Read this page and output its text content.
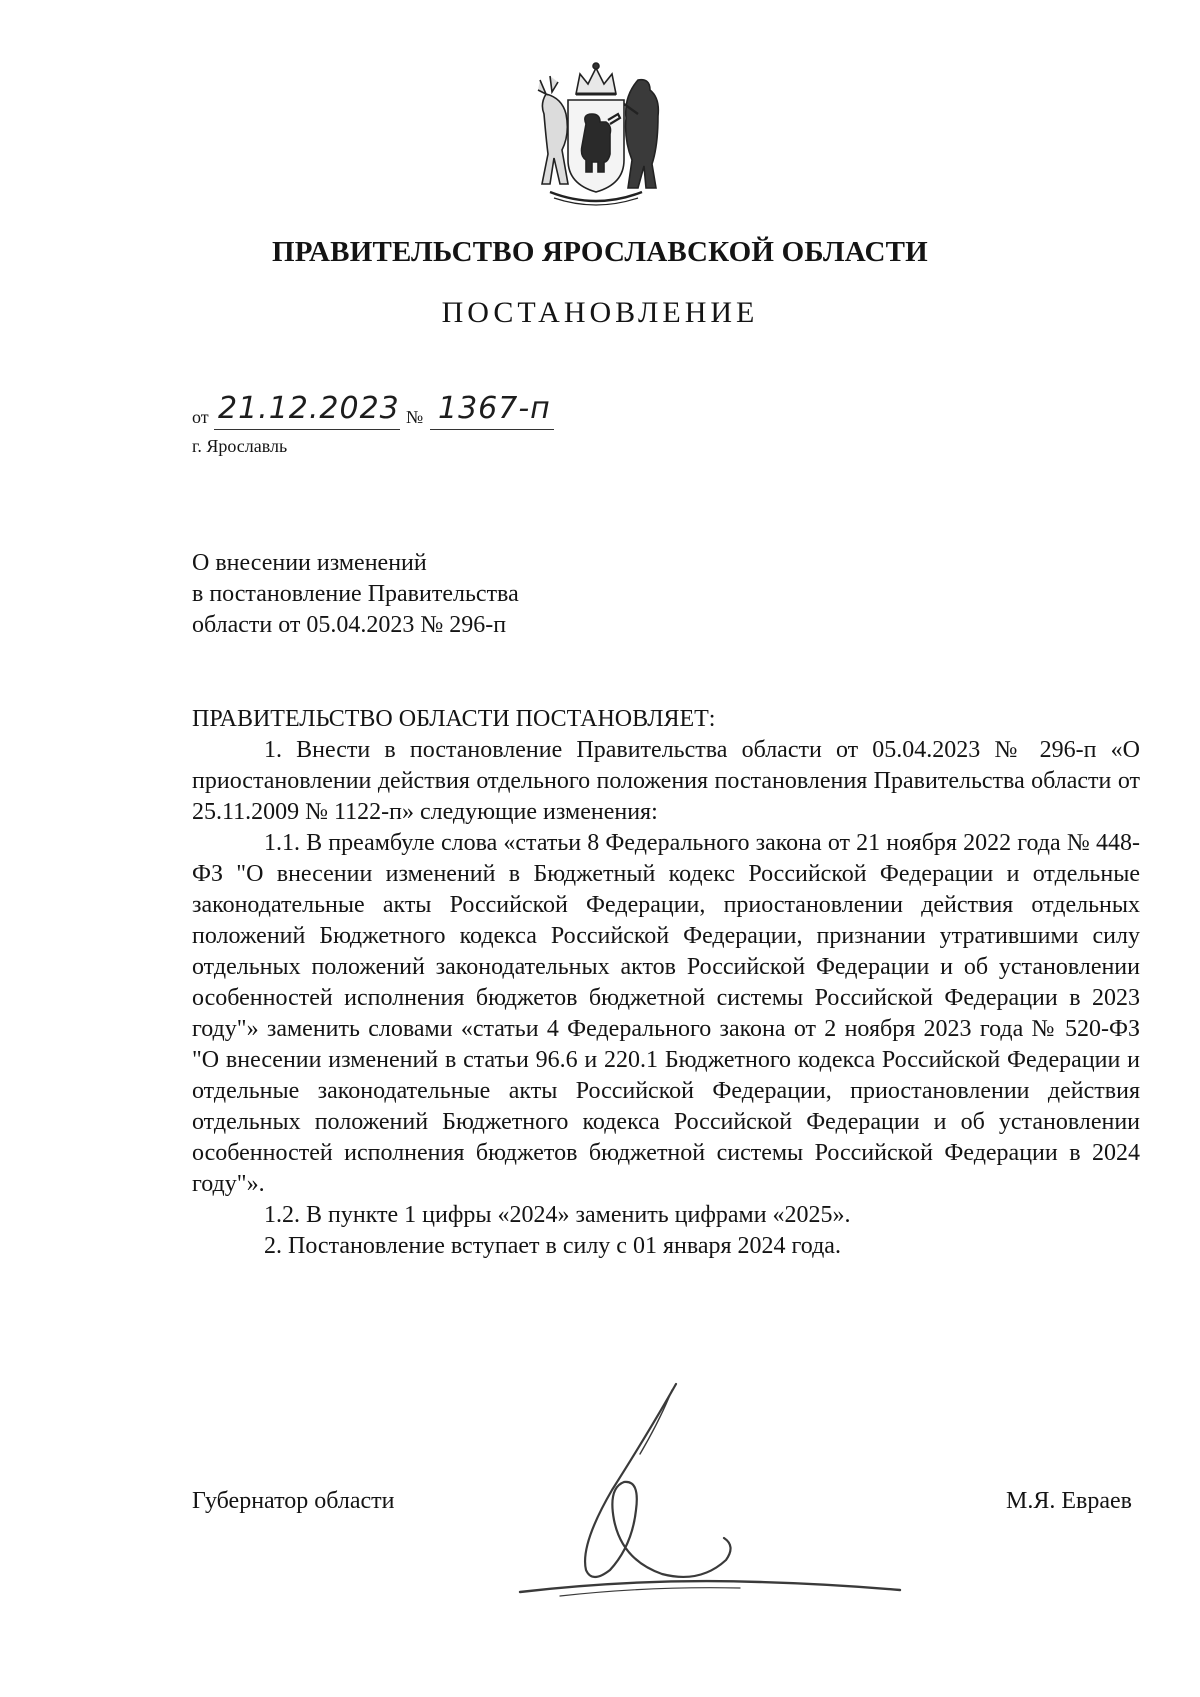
ПРАВИТЕЛЬСТВО ЯРОСЛАВСКОЙ ОБЛАСТИ
ПОСТАНОВЛЕНИЕ
от 21.12.2023 № 1367-п
г. Ярославль
О внесении изменений
в постановление Правительства
области от 05.04.2023 № 296-п

ПРАВИТЕЛЬСТВО ОБЛАСТИ ПОСТАНОВЛЯЕТ:

1. Внести в постановление Правительства области от 05.04.2023 № 296-п «О приостановлении действия отдельного положения постановления Правительства области от 25.11.2009 № 1122-п» следующие изменения:

1.1. В преамбуле слова «статьи 8 Федерального закона от 21 ноября 2022 года № 448-ФЗ "О внесении изменений в Бюджетный кодекс Российской Федерации и отдельные законодательные акты Российской Федерации, приостановлении действия отдельных положений Бюджетного кодекса Российской Федерации, признании утратившими силу отдельных положений законодательных актов Российской Федерации и об установлении особенностей исполнения бюджетов бюджетной системы Российской Федерации в 2023 году"» заменить словами «статьи 4 Федерального закона от 2 ноября 2023 года № 520-ФЗ "О внесении изменений в статьи 96.6 и 220.1 Бюджетного кодекса Российской Федерации и отдельные законодательные акты Российской Федерации, приостановлении действия отдельных положений Бюджетного кодекса Российской Федерации и об установлении особенностей исполнения бюджетов бюджетной системы Российской Федерации в 2024 году"».

1.2. В пункте 1 цифры «2024» заменить цифрами «2025».

2. Постановление вступает в силу с 01 января 2024 года.

Губернатор области	М.Я. Евраев
